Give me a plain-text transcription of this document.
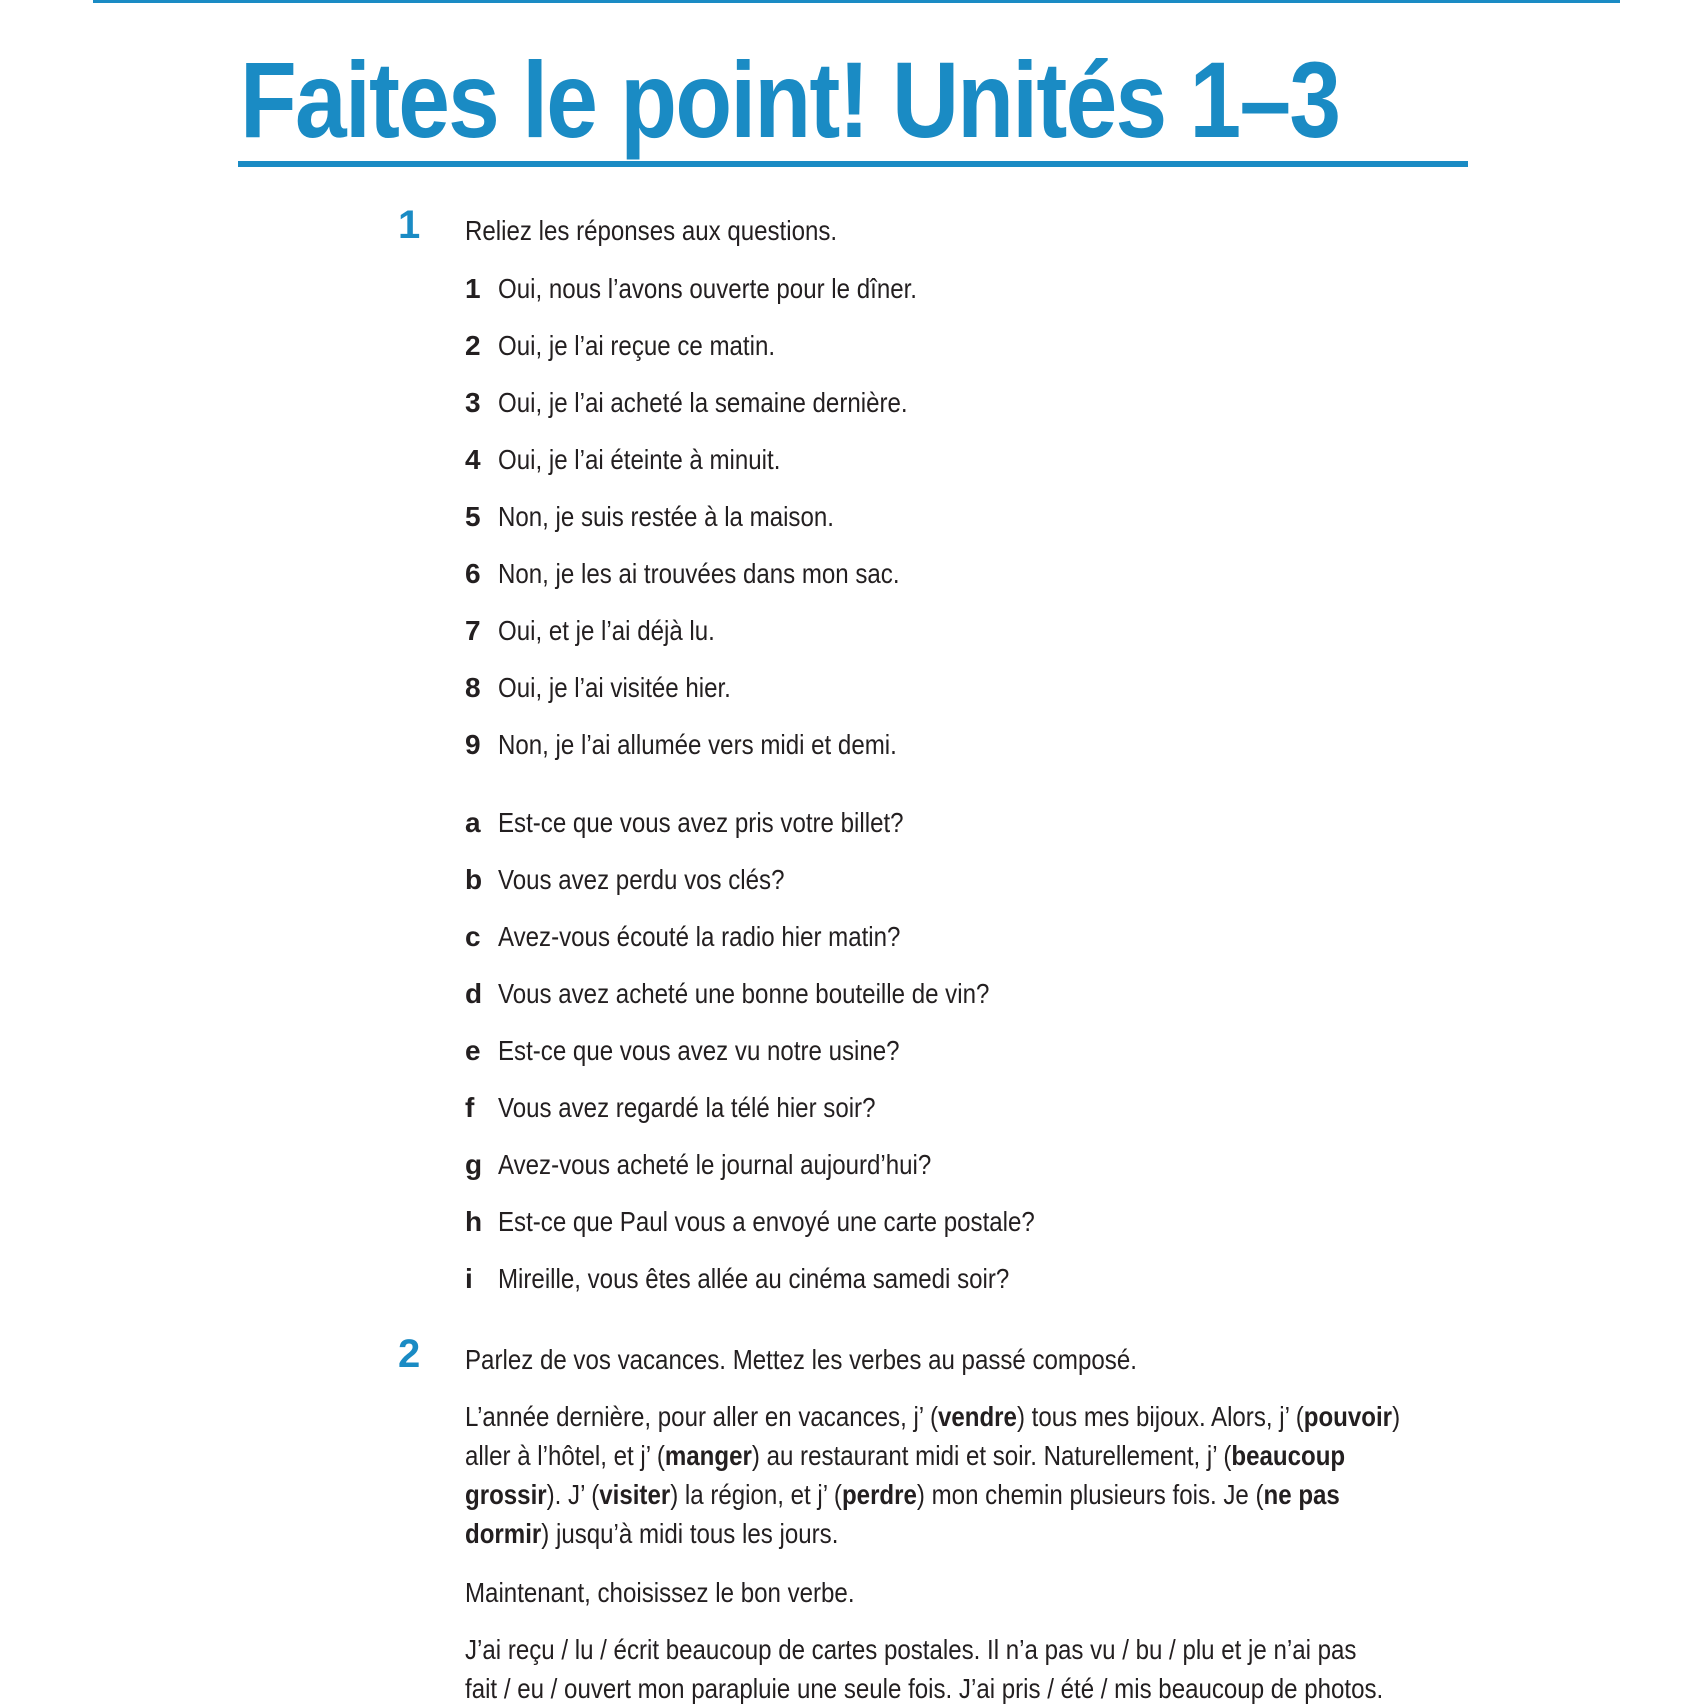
Faites le point! Unités 1–3
1 Reliez les réponses aux questions.
1 Oui, nous l’avons ouverte pour le dîner.
2 Oui, je l’ai reçue ce matin.
3 Oui, je l’ai acheté la semaine dernière.
4 Oui, je l’ai éteinte à minuit.
5 Non, je suis restée à la maison.
6 Non, je les ai trouvées dans mon sac.
7 Oui, et je l’ai déjà lu.
8 Oui, je l’ai visitée hier.
9 Non, je l’ai allumée vers midi et demi.
a Est-ce que vous avez pris votre billet?
b Vous avez perdu vos clés?
c Avez-vous écouté la radio hier matin?
d Vous avez acheté une bonne bouteille de vin?
e Est-ce que vous avez vu notre usine?
f Vous avez regardé la télé hier soir?
g Avez-vous acheté le journal aujourd’hui?
h Est-ce que Paul vous a envoyé une carte postale?
i Mireille, vous êtes allée au cinéma samedi soir?
2 Parlez de vos vacances. Mettez les verbes au passé composé.
L’année dernière, pour aller en vacances, j’ (vendre) tous mes bijoux. Alors, j’ (pouvoir)
aller à l’hôtel, et j’ (manger) au restaurant midi et soir. Naturellement, j’ (beaucoup
grossir). J’ (visiter) la région, et j’ (perdre) mon chemin plusieurs fois. Je (ne pas
dormir) jusqu’à midi tous les jours.
Maintenant, choisissez le bon verbe.
J’ai reçu / lu / écrit beaucoup de cartes postales. Il n’a pas vu / bu / plu et je n’ai pas
fait / eu / ouvert mon parapluie une seule fois. J’ai pris / été / mis beaucoup de photos.
